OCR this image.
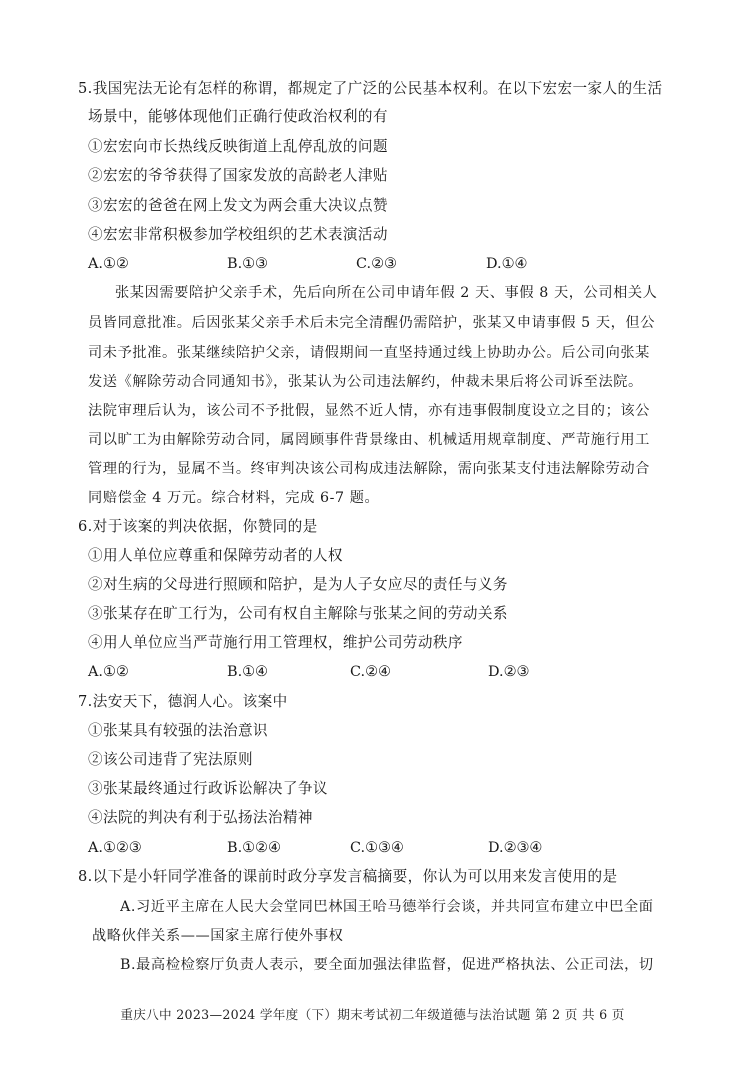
5.我国宪法无论有怎样的称谓，都规定了广泛的公民基本权利。在以下宏宏一家人的生活
场景中，能够体现他们正确行使政治权利的有
①宏宏向市长热线反映街道上乱停乱放的问题
②宏宏的爷爷获得了国家发放的高龄老人津贴
③宏宏的爸爸在网上发文为两会重大决议点赞
④宏宏非常积极参加学校组织的艺术表演活动
A.①②	B.①③	C.②③	D.①④
张某因需要陪护父亲手术，先后向所在公司申请年假 2 天、事假 8 天，公司相关人
员皆同意批准。后因张某父亲手术后未完全清醒仍需陪护，张某又申请事假 5 天，但公
司未予批准。张某继续陪护父亲，请假期间一直坚持通过线上协助办公。后公司向张某
发送《解除劳动合同通知书》，张某认为公司违法解约，仲裁未果后将公司诉至法院。
法院审理后认为，该公司不予批假，显然不近人情，亦有违事假制度设立之目的；该公
司以旷工为由解除劳动合同，属罔顾事件背景缘由、机械适用规章制度、严苛施行用工
管理的行为，显属不当。终审判决该公司构成违法解除，需向张某支付违法解除劳动合
同赔偿金 4 万元。综合材料，完成 6-7 题。
6.对于该案的判决依据，你赞同的是
①用人单位应尊重和保障劳动者的人权
②对生病的父母进行照顾和陪护，是为人子女应尽的责任与义务
③张某存在旷工行为，公司有权自主解除与张某之间的劳动关系
④用人单位应当严苛施行用工管理权，维护公司劳动秩序
A.①②	B.①④	C.②④	D.②③
7.法安天下，德润人心。该案中
①张某具有较强的法治意识
②该公司违背了宪法原则
③张某最终通过行政诉讼解决了争议
④法院的判决有利于弘扬法治精神
A.①②③	B.①②④	C.①③④	D.②③④
8.以下是小轩同学准备的课前时政分享发言稿摘要，你认为可以用来发言使用的是
A.习近平主席在人民大会堂同巴林国王哈马德举行会谈，并共同宣布建立中巴全面
战略伙伴关系——国家主席行使外事权
B.最高检检察厅负责人表示，要全面加强法律监督，促进严格执法、公正司法，切
重庆八中 2023—2024 学年度（下）期末考试初二年级道德与法治试题 第 2 页 共 6 页
